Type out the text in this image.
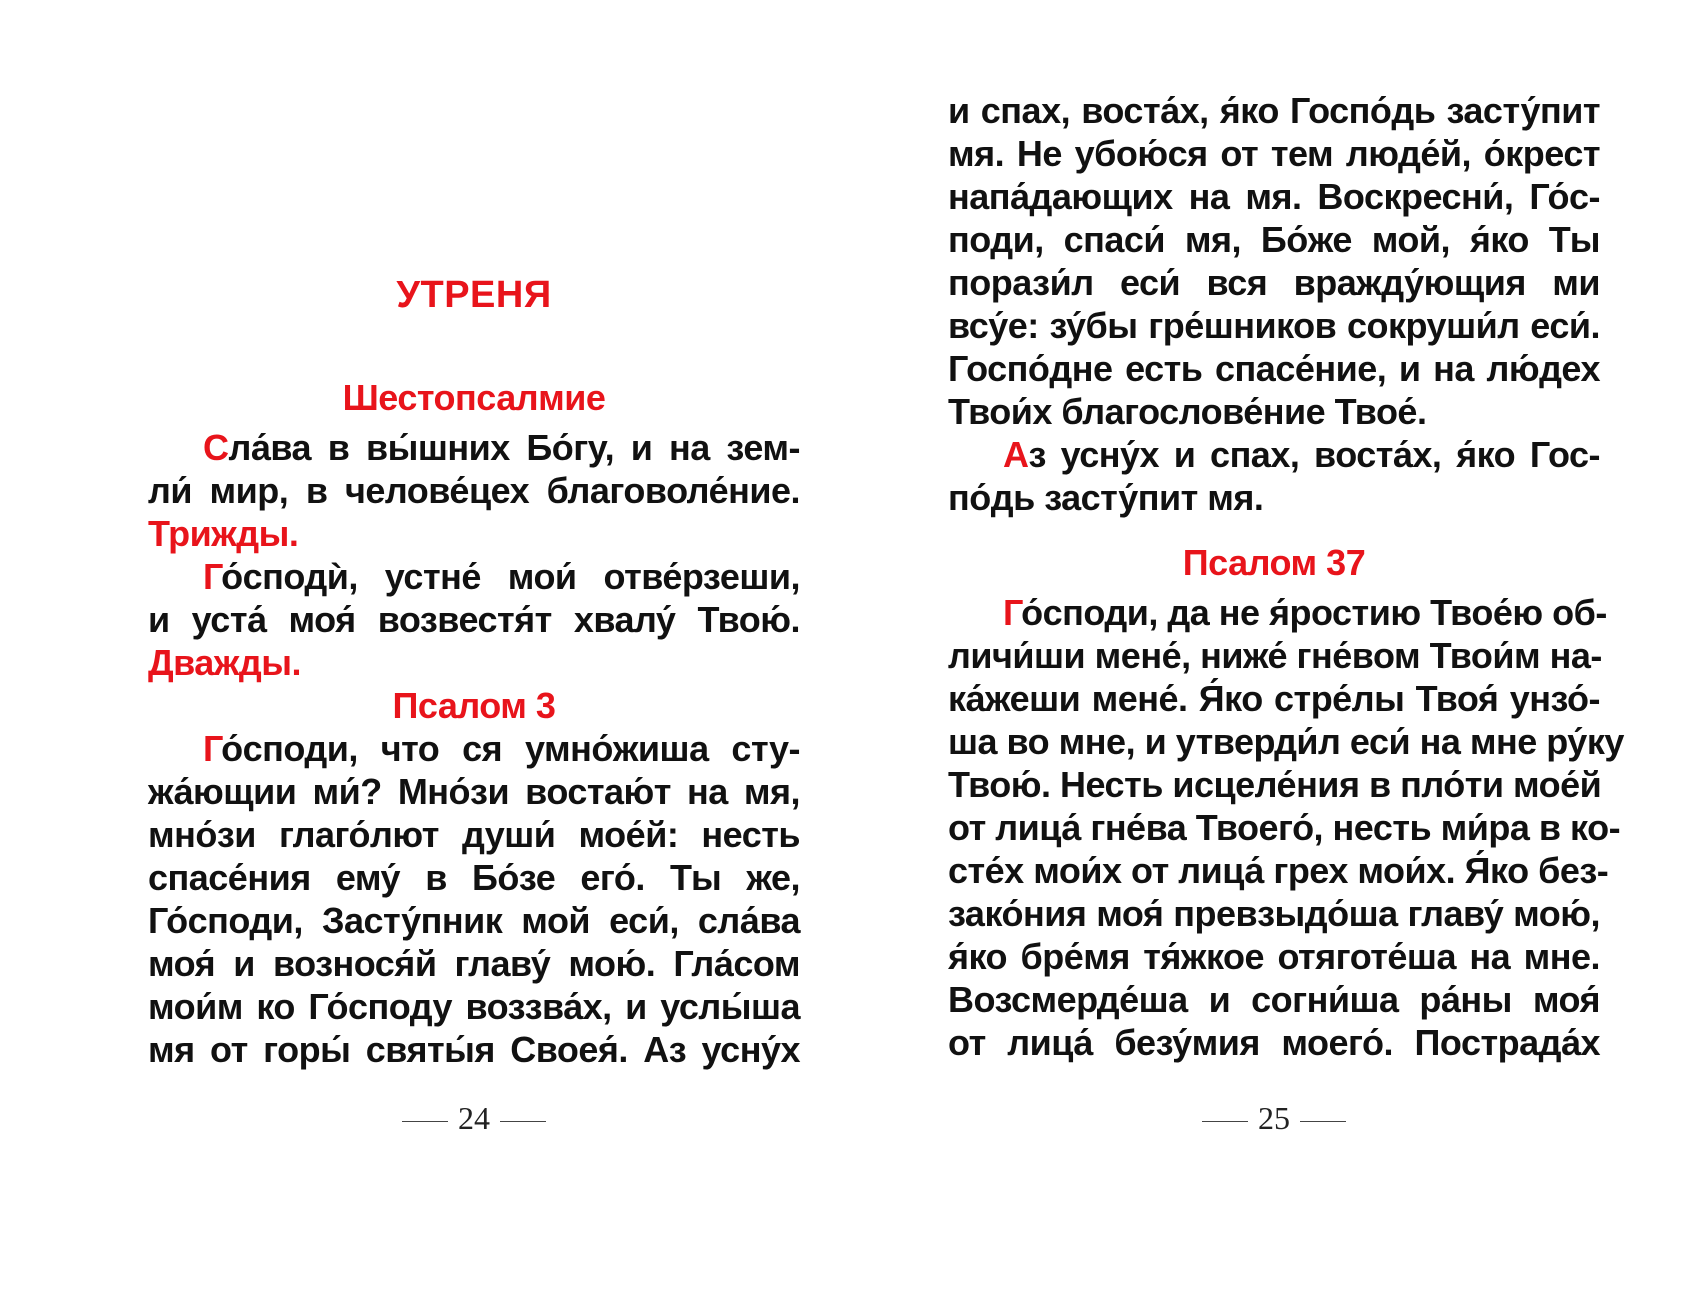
УТРЕНЯ
Шестопсалмие
Сла́ва в вы́шних Бо́гу, и на зем-
ли́ мир, в челове́цех благоволе́ние.
Трижды.
Го́сподѝ, устне́ мои́ отве́рзеши,
и уста́ моя́ возвестя́т хвалу́ Твою́.
Дважды.
Псалом 3
Го́споди, что ся умно́жиша сту-
жа́ющии ми́? Мно́зи востаю́т на мя,
мно́зи глаго́лют души́ мое́й: несть
спасе́ния ему́ в Бо́зе его́. Ты же,
Го́споди, Засту́пник мой еси́, сла́ва
моя́ и вознося́й главу́ мою́. Гла́сом
мои́м ко Го́споду воззва́х, и услы́ша
мя от горы́ святы́я Своея́. Аз усну́х
24
и спах, воста́х, я́ко Госпо́дь засту́пит
мя. Не убою́ся от тем люде́й, о́крест
напа́дающих на мя. Воскресни́, Го́с-
поди, спаси́ мя, Бо́же мой, я́ко Ты
порази́л еси́ вся вражду́ющия ми
всу́е: зу́бы гре́шников сокруши́л еси́.
Госпо́дне есть спасе́ние, и на лю́дех
Твои́х благослове́ние Твое́.
Аз усну́х и спах, воста́х, я́ко Гос-
по́дь засту́пит мя.
Псалом 37
Го́споди, да не я́ростию Твое́ю об-
личи́ши мене́, ниже́ гне́вом Твои́м на-
ка́жеши мене́. Я́ко стре́лы Твоя́ унзо́-
ша во мне, и утверди́л еси́ на мне ру́ку
Твою́. Несть исцеле́ния в пло́ти мое́й
от лица́ гне́ва Твоего́, несть ми́ра в ко-
сте́х мои́х от лица́ грех мои́х. Я́ко без-
зако́ния моя́ превзыдо́ша главу́ мою́,
я́ко бре́мя тя́жкое отяготе́ша на мне.
Возсмерде́ша и согни́ша ра́ны моя́
от лица́ безу́мия моего́. Пострада́х
25
